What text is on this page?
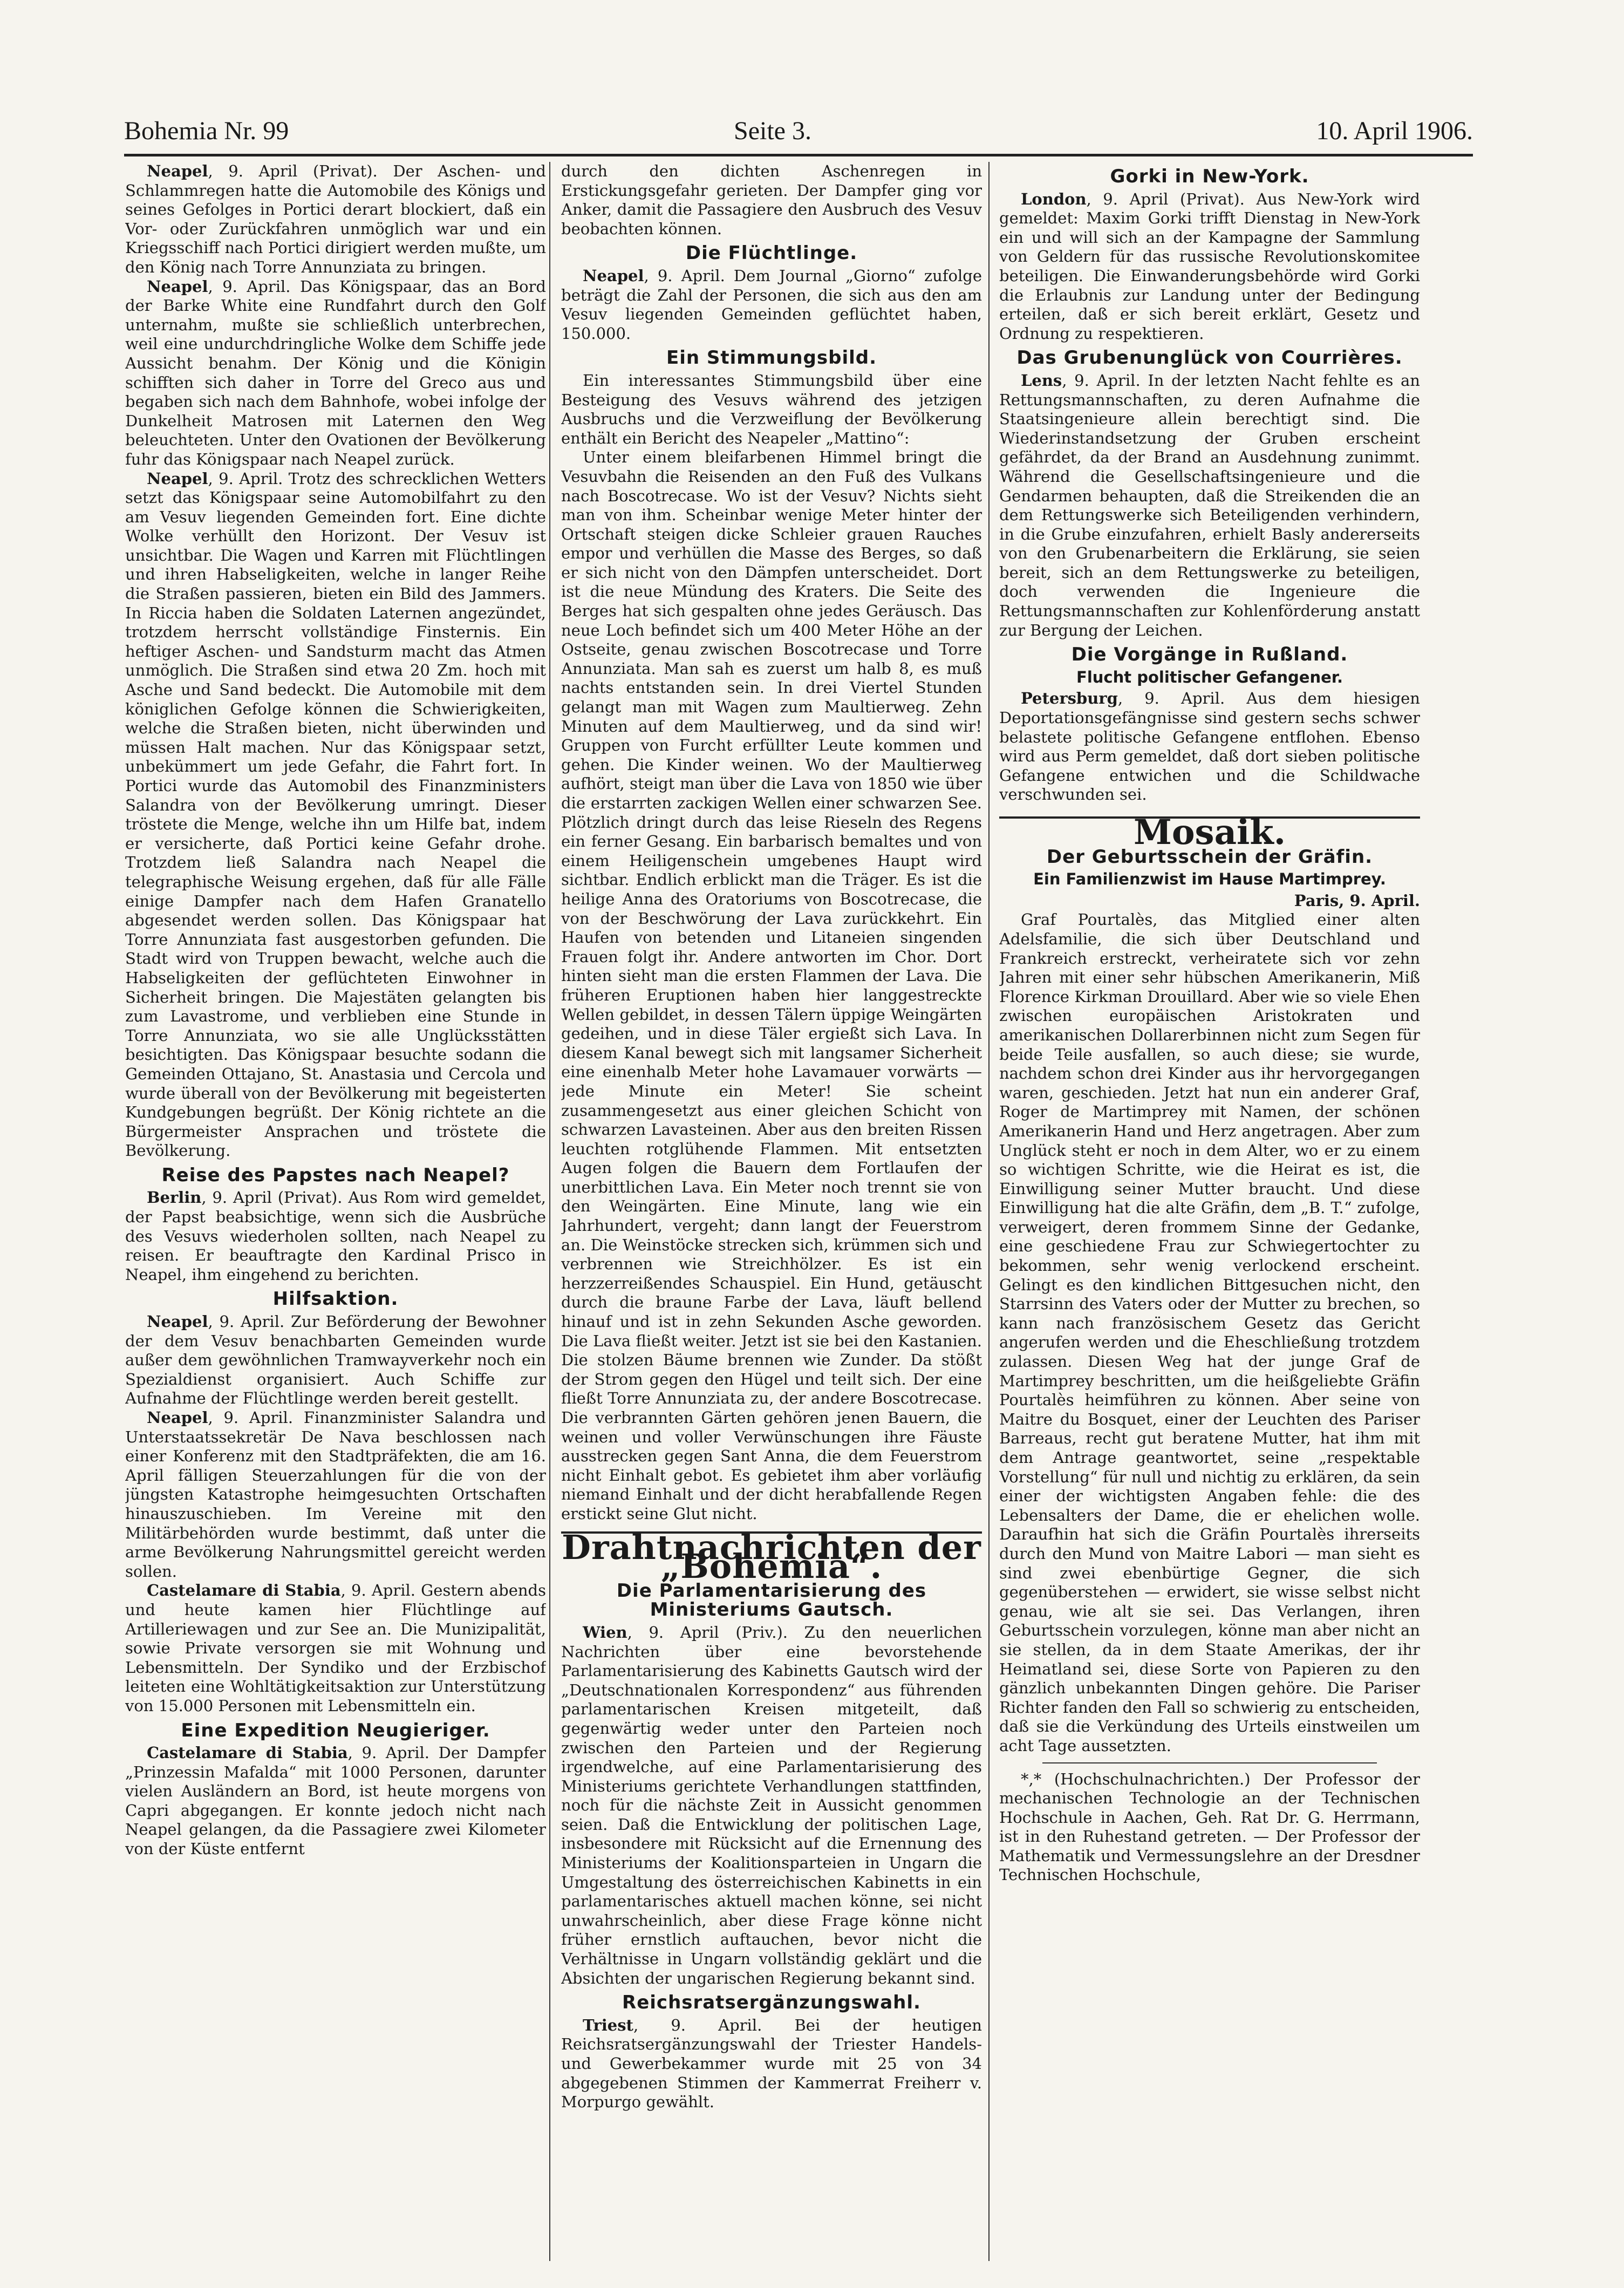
Bohemia Nr. 99	Seite 3.	10. April 1906.

Neapel, 9. April (Privat). Der Aschen- und Schlammregen hatte die Automobile des Königs und seines Gefolges in Portici derart blockiert, daß ein Vor- oder Zurückfahren unmöglich war und ein Kriegsschiff nach Portici dirigiert werden mußte, um den König nach Torre Annunziata zu bringen.

Neapel, 9. April. Das Königspaar, das an Bord der Barke White eine Rundfahrt durch den Golf unternahm, mußte sie schließlich unterbrechen, weil eine undurchdringliche Wolke dem Schiffe jede Aussicht benahm. Der König und die Königin schifften sich daher in Torre del Greco aus und begaben sich nach dem Bahnhofe, wobei infolge der Dunkelheit Matrosen mit Laternen den Weg beleuchteten. Unter den Ovationen der Bevölkerung fuhr das Königspaar nach Neapel zurück.

Neapel, 9. April. Trotz des schrecklichen Wetters setzt das Königspaar seine Automobilfahrt zu den am Vesuv liegenden Gemeinden fort. Eine dichte Wolke verhüllt den Horizont. Der Vesuv ist unsichtbar. Die Wagen und Karren mit Flüchtlingen und ihren Habseligkeiten, welche in langer Reihe die Straßen passieren, bieten ein Bild des Jammers. In Riccia haben die Soldaten Laternen angezündet, trotzdem herrscht vollständige Finsternis. Ein heftiger Aschen- und Sandsturm macht das Atmen unmöglich. Die Straßen sind etwa 20 Zm. hoch mit Asche und Sand bedeckt. Die Automobile mit dem königlichen Gefolge können die Schwierigkeiten, welche die Straßen bieten, nicht überwinden und müssen Halt machen. Nur das Königspaar setzt, unbekümmert um jede Gefahr, die Fahrt fort. In Portici wurde das Automobil des Finanzministers Salandra von der Bevölkerung umringt. Dieser tröstete die Menge, welche ihn um Hilfe bat, indem er versicherte, daß Portici keine Gefahr drohe. Trotzdem ließ Salandra nach Neapel die telegraphische Weisung ergehen, daß für alle Fälle einige Dampfer nach dem Hafen Granatello abgesendet werden sollen. Das Königspaar hat Torre Annunziata fast ausgestorben gefunden. Die Stadt wird von Truppen bewacht, welche auch die Habseligkeiten der geflüchteten Einwohner in Sicherheit bringen. Die Majestäten gelangten bis zum Lavastrome, und verblieben eine Stunde in Torre Annunziata, wo sie alle Unglücksstätten besichtigten. Das Königspaar besuchte sodann die Gemeinden Ottajano, St. Anastasia und Cercola und wurde überall von der Bevölkerung mit begeisterten Kundgebungen begrüßt. Der König richtete an die Bürgermeister Ansprachen und tröstete die Bevölkerung.

Reise des Papstes nach Neapel?

Berlin, 9. April (Privat). Aus Rom wird gemeldet, der Papst beabsichtige, wenn sich die Ausbrüche des Vesuvs wiederholen sollten, nach Neapel zu reisen. Er beauftragte den Kardinal Prisco in Neapel, ihm eingehend zu berichten.

Hilfsaktion.

Neapel, 9. April. Zur Beförderung der Bewohner der dem Vesuv benachbarten Gemeinden wurde außer dem gewöhnlichen Tramwayverkehr noch ein Spezialdienst organisiert. Auch Schiffe zur Aufnahme der Flüchtlinge werden bereit gestellt.

Neapel, 9. April. Finanzminister Salandra und Unterstaatssekretär De Nava beschlossen nach einer Konferenz mit den Stadtpräfekten, die am 16. April fälligen Steuerzahlungen für die von der jüngsten Katastrophe heimgesuchten Ortschaften hinauszuschieben. Im Vereine mit den Militärbehörden wurde bestimmt, daß unter die arme Bevölkerung Nahrungsmittel gereicht werden sollen.

Castelamare di Stabia, 9. April. Gestern abends und heute kamen hier Flüchtlinge auf Artilleriewagen und zur See an. Die Munizipalität, sowie Private versorgen sie mit Wohnung und Lebensmitteln. Der Syndiko und der Erzbischof leiteten eine Wohltätigkeitsaktion zur Unterstützung von 15.000 Personen mit Lebensmitteln ein.

Eine Expedition Neugieriger.

Castelamare di Stabia, 9. April. Der Dampfer „Prinzessin Mafalda“ mit 1000 Personen, darunter vielen Ausländern an Bord, ist heute morgens von Capri abgegangen. Er konnte jedoch nicht nach Neapel gelangen, da die Passagiere zwei Kilometer von der Küste entfernt

durch den dichten Aschenregen in Erstickungsgefahr gerieten. Der Dampfer ging vor Anker, damit die Passagiere den Ausbruch des Vesuv beobachten können.

Die Flüchtlinge.

Neapel, 9. April. Dem Journal „Giorno“ zufolge beträgt die Zahl der Personen, die sich aus den am Vesuv liegenden Gemeinden geflüchtet haben, 150.000.

Ein Stimmungsbild.

Ein interessantes Stimmungsbild über eine Besteigung des Vesuvs während des jetzigen Ausbruchs und die Verzweiflung der Bevölkerung enthält ein Bericht des Neapeler „Mattino“:

Unter einem bleifarbenen Himmel bringt die Vesuvbahn die Reisenden an den Fuß des Vulkans nach Boscotrecase. Wo ist der Vesuv? Nichts sieht man von ihm. Scheinbar wenige Meter hinter der Ortschaft steigen dicke Schleier grauen Rauches empor und verhüllen die Masse des Berges, so daß er sich nicht von den Dämpfen unterscheidet. Dort ist die neue Mündung des Kraters. Die Seite des Berges hat sich gespalten ohne jedes Geräusch. Das neue Loch befindet sich um 400 Meter Höhe an der Ostseite, genau zwischen Boscotrecase und Torre Annunziata. Man sah es zuerst um halb 8, es muß nachts entstanden sein. In drei Viertel Stunden gelangt man mit Wagen zum Maultierweg. Zehn Minuten auf dem Maultierweg, und da sind wir! Gruppen von Furcht erfüllter Leute kommen und gehen. Die Kinder weinen. Wo der Maultierweg aufhört, steigt man über die Lava von 1850 wie über die erstarrten zackigen Wellen einer schwarzen See. Plötzlich dringt durch das leise Rieseln des Regens ein ferner Gesang. Ein barbarisch bemaltes und von einem Heiligenschein umgebenes Haupt wird sichtbar. Endlich erblickt man die Träger. Es ist die heilige Anna des Oratoriums von Boscotrecase, die von der Beschwörung der Lava zurückkehrt. Ein Haufen von betenden und Litaneien singenden Frauen folgt ihr. Andere antworten im Chor. Dort hinten sieht man die ersten Flammen der Lava. Die früheren Eruptionen haben hier langgestreckte Wellen gebildet, in dessen Tälern üppige Weingärten gedeihen, und in diese Täler ergießt sich Lava. In diesem Kanal bewegt sich mit langsamer Sicherheit eine einenhalb Meter hohe Lavamauer vorwärts — jede Minute ein Meter! Sie scheint zusammengesetzt aus einer gleichen Schicht von schwarzen Lavasteinen. Aber aus den breiten Rissen leuchten rotglühende Flammen. Mit entsetzten Augen folgen die Bauern dem Fortlaufen der unerbittlichen Lava. Ein Meter noch trennt sie von den Weingärten. Eine Minute, lang wie ein Jahrhundert, vergeht; dann langt der Feuerstrom an. Die Weinstöcke strecken sich, krümmen sich und verbrennen wie Streichhölzer. Es ist ein herzzerreißendes Schauspiel. Ein Hund, getäuscht durch die braune Farbe der Lava, läuft bellend hinauf und ist in zehn Sekunden Asche geworden. Die Lava fließt weiter. Jetzt ist sie bei den Kastanien. Die stolzen Bäume brennen wie Zunder. Da stößt der Strom gegen den Hügel und teilt sich. Der eine fließt Torre Annunziata zu, der andere Boscotrecase. Die verbrannten Gärten gehören jenen Bauern, die weinen und voller Verwünschungen ihre Fäuste ausstrecken gegen Sant Anna, die dem Feuerstrom nicht Einhalt gebot. Es gebietet ihm aber vorläufig niemand Einhalt und der dicht herabfallende Regen erstickt seine Glut nicht.

Drahtnachrichten der „Bohemia“.
Die Parlamentarisierung des Ministeriums Gautsch.

Wien, 9. April (Priv.). Zu den neuerlichen Nachrichten über eine bevorstehende Parlamentarisierung des Kabinetts Gautsch wird der „Deutschnationalen Korrespondenz“ aus führenden parlamentarischen Kreisen mitgeteilt, daß gegenwärtig weder unter den Parteien noch zwischen den Parteien und der Regierung irgendwelche, auf eine Parlamentarisierung des Ministeriums gerichtete Verhandlungen stattfinden, noch für die nächste Zeit in Aussicht genommen seien. Daß die Entwicklung der politischen Lage, insbesondere mit Rücksicht auf die Ernennung des Ministeriums der Koalitionsparteien in Ungarn die Umgestaltung des österreichischen Kabinetts in ein parlamentarisches aktuell machen könne, sei nicht unwahrscheinlich, aber diese Frage könne nicht früher ernstlich auftauchen, bevor nicht die Verhältnisse in Ungarn vollständig geklärt und die Absichten der ungarischen Regierung bekannt sind.

Reichsratsergänzungswahl.

Triest, 9. April. Bei der heutigen Reichsratsergänzungswahl der Triester Handels- und Gewerbekammer wurde mit 25 von 34 abgegebenen Stimmen der Kammerrat Freiherr v. Morpurgo gewählt.

Gorki in New-York.

London, 9. April (Privat). Aus New-York wird gemeldet: Maxim Gorki trifft Dienstag in New-York ein und will sich an der Kampagne der Sammlung von Geldern für das russische Revolutionskomitee beteiligen. Die Einwanderungsbehörde wird Gorki die Erlaubnis zur Landung unter der Bedingung erteilen, daß er sich bereit erklärt, Gesetz und Ordnung zu respektieren.

Das Grubenunglück von Courrières.

Lens, 9. April. In der letzten Nacht fehlte es an Rettungsmannschaften, zu deren Aufnahme die Staatsingenieure allein berechtigt sind. Die Wiederinstandsetzung der Gruben erscheint gefährdet, da der Brand an Ausdehnung zunimmt. Während die Gesellschaftsingenieure und die Gendarmen behaupten, daß die Streikenden die an dem Rettungswerke sich Beteiligenden verhindern, in die Grube einzufahren, erhielt Basly andererseits von den Grubenarbeitern die Erklärung, sie seien bereit, sich an dem Rettungswerke zu beteiligen, doch verwenden die Ingenieure die Rettungsmannschaften zur Kohlenförderung anstatt zur Bergung der Leichen.

Die Vorgänge in Rußland.
Flucht politischer Gefangener.

Petersburg, 9. April. Aus dem hiesigen Deportationsgefängnisse sind gestern sechs schwer belastete politische Gefangene entflohen. Ebenso wird aus Perm gemeldet, daß dort sieben politische Gefangene entwichen und die Schildwache verschwunden sei.

Mosaik.
Der Geburtsschein der Gräfin.
Ein Familienzwist im Hause Martimprey.

Paris, 9. April.

Graf Pourtalès, das Mitglied einer alten Adelsfamilie, die sich über Deutschland und Frankreich erstreckt, verheiratete sich vor zehn Jahren mit einer sehr hübschen Amerikanerin, Miß Florence Kirkman Drouillard. Aber wie so viele Ehen zwischen europäischen Aristokraten und amerikanischen Dollarerbinnen nicht zum Segen für beide Teile ausfallen, so auch diese; sie wurde, nachdem schon drei Kinder aus ihr hervorgegangen waren, geschieden. Jetzt hat nun ein anderer Graf, Roger de Martimprey mit Namen, der schönen Amerikanerin Hand und Herz angetragen. Aber zum Unglück steht er noch in dem Alter, wo er zu einem so wichtigen Schritte, wie die Heirat es ist, die Einwilligung seiner Mutter braucht. Und diese Einwilligung hat die alte Gräfin, dem „B. T.“ zufolge, verweigert, deren frommem Sinne der Gedanke, eine geschiedene Frau zur Schwiegertochter zu bekommen, sehr wenig verlockend erscheint. Gelingt es den kindlichen Bittgesuchen nicht, den Starrsinn des Vaters oder der Mutter zu brechen, so kann nach französischem Gesetz das Gericht angerufen werden und die Eheschließung trotzdem zulassen. Diesen Weg hat der junge Graf de Martimprey beschritten, um die heißgeliebte Gräfin Pourtalès heimführen zu können. Aber seine von Maitre du Bosquet, einer der Leuchten des Pariser Barreaus, recht gut beratene Mutter, hat ihm mit dem Antrage geantwortet, seine „respektable Vorstellung“ für null und nichtig zu erklären, da sein einer der wichtigsten Angaben fehle: die des Lebensalters der Dame, die er ehelichen wolle. Daraufhin hat sich die Gräfin Pourtalès ihrerseits durch den Mund von Maitre Labori — man sieht es sind zwei ebenbürtige Gegner, die sich gegenüberstehen — erwidert, sie wisse selbst nicht genau, wie alt sie sei. Das Verlangen, ihren Geburtsschein vorzulegen, könne man aber nicht an sie stellen, da in dem Staate Amerikas, der ihr Heimatland sei, diese Sorte von Papieren zu den gänzlich unbekannten Dingen gehöre. Die Pariser Richter fanden den Fall so schwierig zu entscheiden, daß sie die Verkündung des Urteils einstweilen um acht Tage aussetzten.

*,* (Hochschulnachrichten.) Der Professor der mechanischen Technologie an der Technischen Hochschule in Aachen, Geh. Rat Dr. G. Herrmann, ist in den Ruhestand getreten. — Der Professor der Mathematik und Vermessungslehre an der Dresdner Technischen Hochschule,
